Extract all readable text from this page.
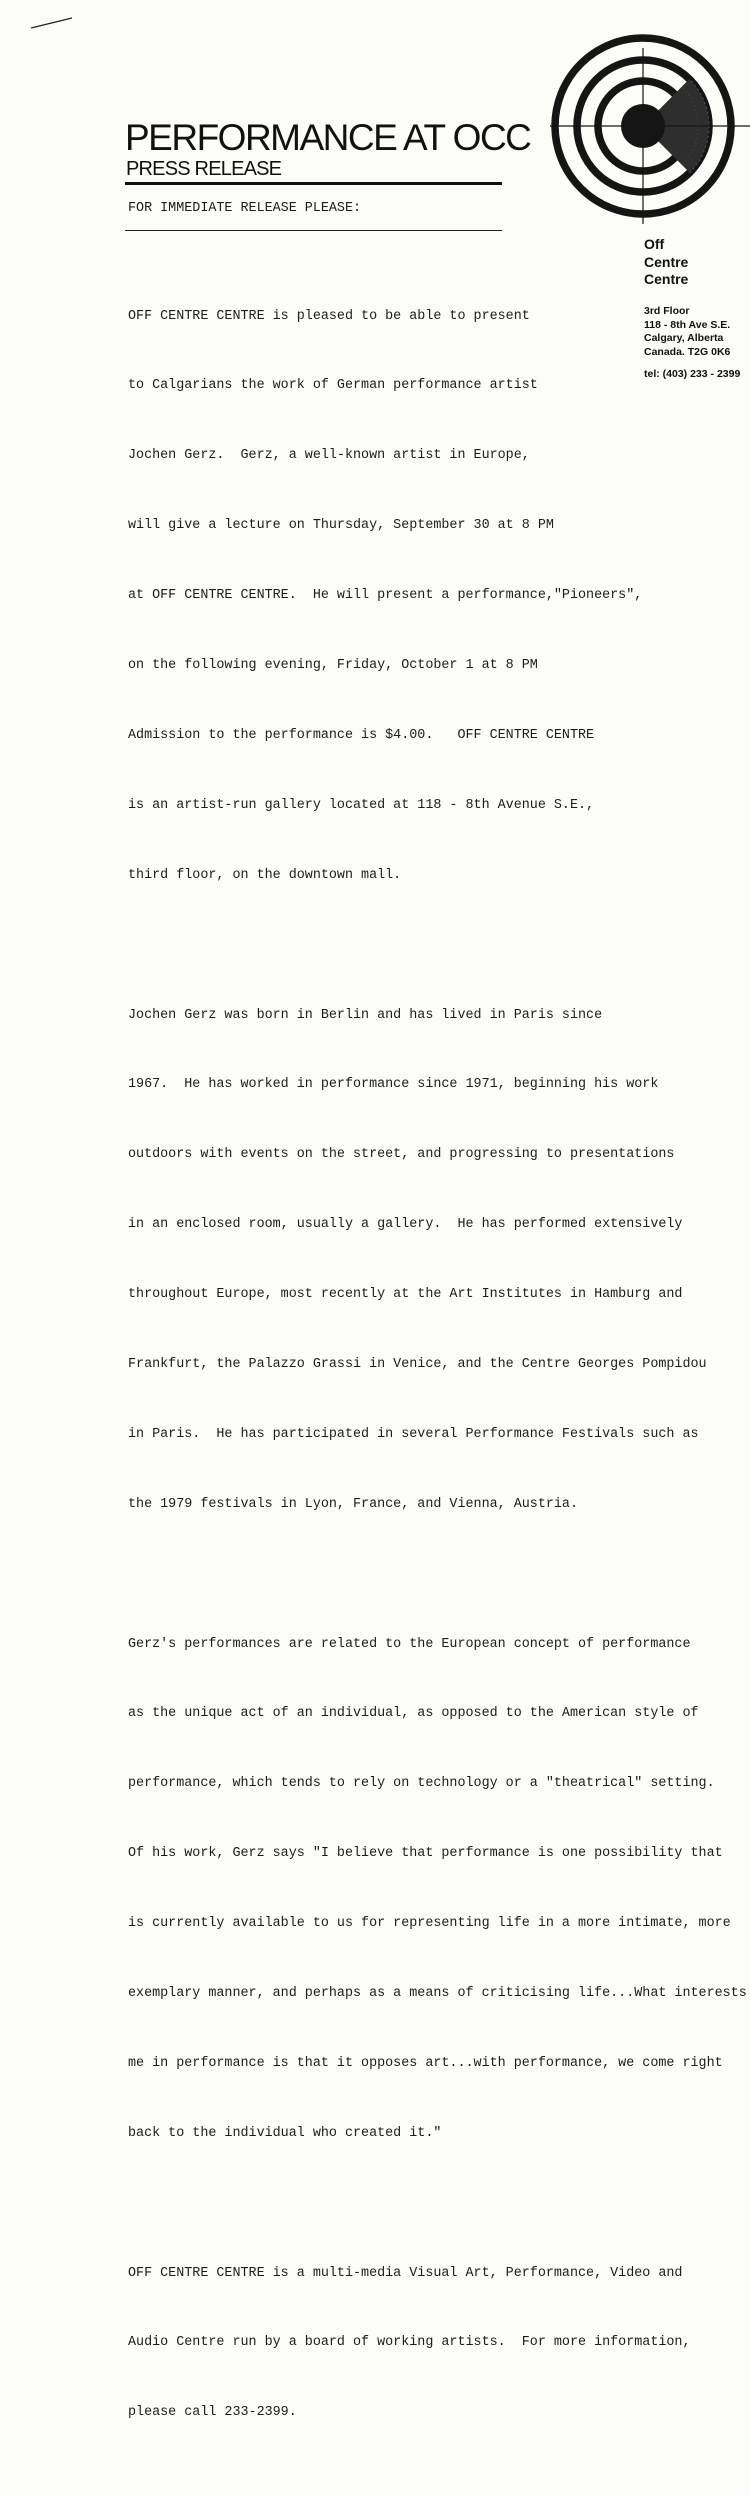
PERFORMANCE AT OCC
PRESS RELEASE
FOR IMMEDIATE RELEASE PLEASE:
Off
Centre
Centre
3rd Floor
118 - 8th Ave S.E.
Calgary, Alberta
Canada. T2G 0K6
tel: (403) 233 - 2399

OFF CENTRE CENTRE is pleased to be able to present

to Calgarians the work of German performance artist

Jochen Gerz.  Gerz, a well-known artist in Europe,

will give a lecture on Thursday, September 30 at 8 PM

at OFF CENTRE CENTRE.  He will present a performance,"Pioneers",

on the following evening, Friday, October 1 at 8 PM

Admission to the performance is $4.00.   OFF CENTRE CENTRE

is an artist-run gallery located at 118 - 8th Avenue S.E.,

third floor, on the downtown mall.

Jochen Gerz was born in Berlin and has lived in Paris since

1967.  He has worked in performance since 1971, beginning his work

outdoors with events on the street, and progressing to presentations

in an enclosed room, usually a gallery.  He has performed extensively

throughout Europe, most recently at the Art Institutes in Hamburg and

Frankfurt, the Palazzo Grassi in Venice, and the Centre Georges Pompidou

in Paris.  He has participated in several Performance Festivals such as

the 1979 festivals in Lyon, France, and Vienna, Austria.

Gerz's performances are related to the European concept of performance

as the unique act of an individual, as opposed to the American style of

performance, which tends to rely on technology or a "theatrical" setting.

Of his work, Gerz says "I believe that performance is one possibility that

is currently available to us for representing life in a more intimate, more

exemplary manner, and perhaps as a means of criticising life...What interests

me in performance is that it opposes art...with performance, we come right

back to the individual who created it."

OFF CENTRE CENTRE is a multi-media Visual Art, Performance, Video and

Audio Centre run by a board of working artists.  For more information,

please call 233-2399.
